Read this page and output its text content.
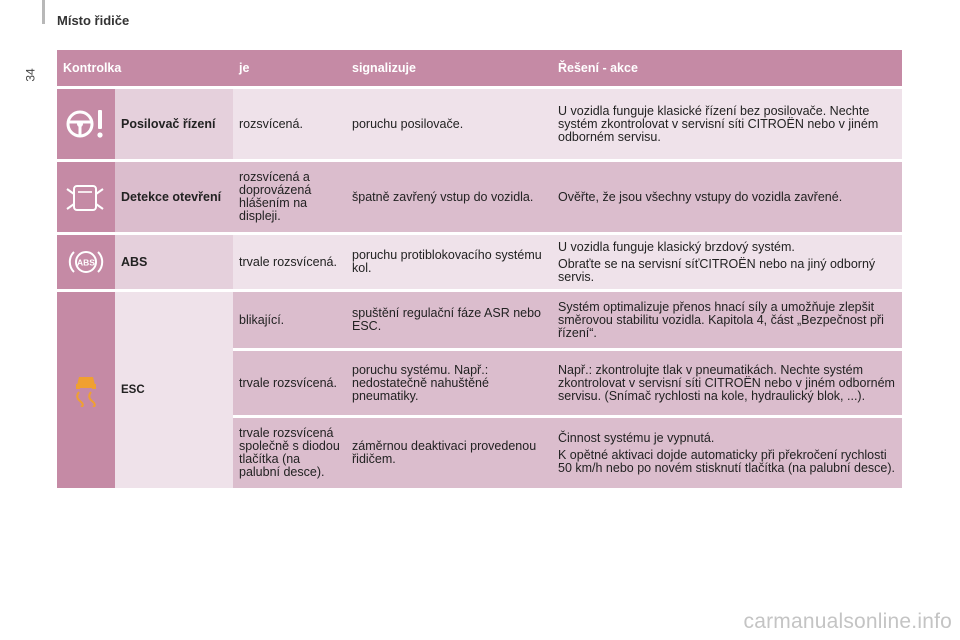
Místo řidiče
34 Kontrolka		je	signalizuje	Řešení - akce

	Posilovač řízení	rozsvícená.	poruchu posilovače.	U vozidla funguje klasické řízení bez posilovače. Nechte systém zkontrolovat v servisní síti CITROËN nebo v jiném odborném servisu.

	Detekce otevření	rozsvícená a doprovázená hlášením na displeji.	špatně zavřený vstup do vozidla.	Ověřte, že jsou všechny vstupy do vozidla zavřené.

ABS	ABS	trvale rozsvícená.	poruchu protiblokovacího systému kol.	U vozidla funguje klasický brzdový systém.

Obraťte se na servisní síťCITROËN nebo na jiný odborný servis.

	ESC	blikající.	spuštění regulační fáze ASR nebo ESC.	Systém optimalizuje přenos hnací síly a umožňuje zlepšit směrovou stabilitu vozidla. Kapitola 4, část „Bezpečnost při řízení“.

		trvale rozsvícená.	poruchu systému. Např.: nedostatečně nahuštěné pneumatiky.	Např.: zkontrolujte tlak v pneumatikách. Nechte systém zkontrolovat v servisní síti CITROËN nebo v jiném odborném servisu. (Snímač rychlosti na kole, hydraulický blok, ...).

		trvale rozsvícená společně s diodou tlačítka (na palubní desce).	záměrnou deaktivaci provedenou řidičem.	Činnost systému je vypnutá.

K opětné aktivaci dojde automaticky při překročení rychlosti 50 km/h nebo po novém stisknutí tlačítka (na palubní desce).

carmanualsonline.info
